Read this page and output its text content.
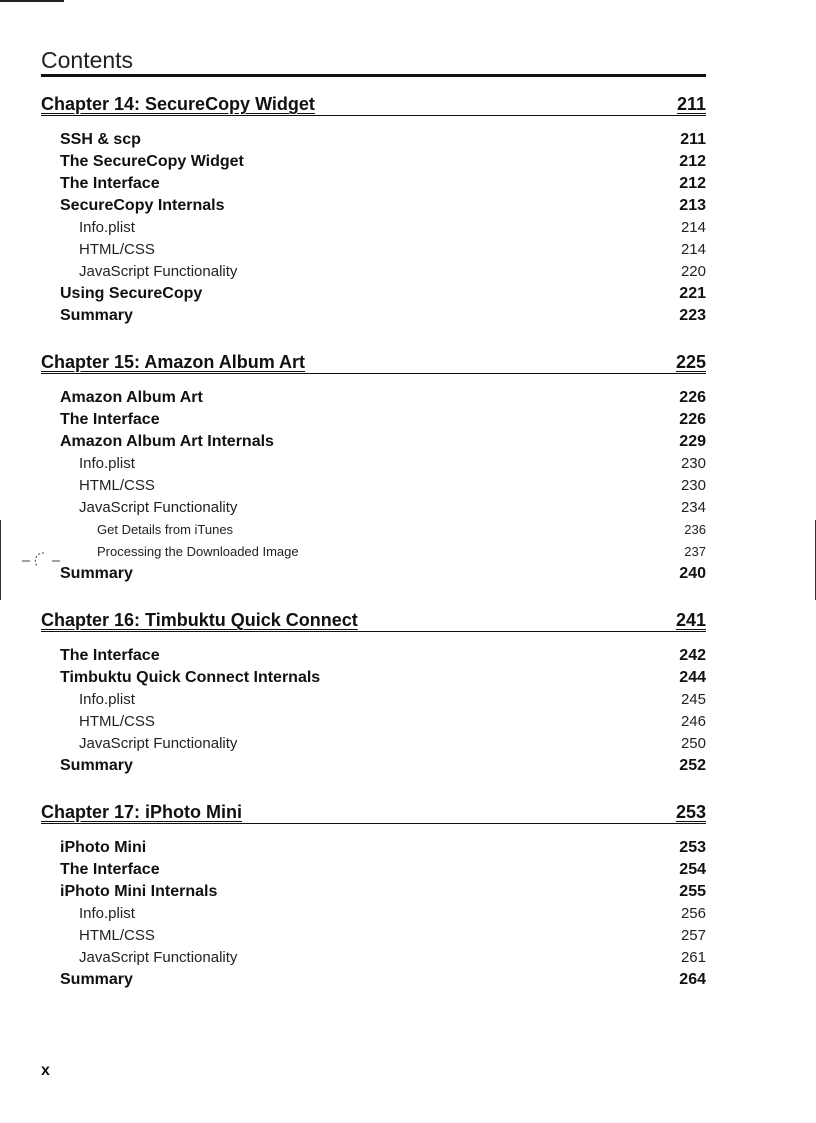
Contents
Chapter 14: SecureCopy Widget	211
SSH & scp	211
The SecureCopy Widget	212
The Interface	212
SecureCopy Internals	213
Info.plist	214
HTML/CSS	214
JavaScript Functionality	220
Using SecureCopy	221
Summary	223
Chapter 15: Amazon Album Art	225
Amazon Album Art	226
The Interface	226
Amazon Album Art Internals	229
Info.plist	230
HTML/CSS	230
JavaScript Functionality	234
Get Details from iTunes	236
Processing the Downloaded Image	237
Summary	240
Chapter 16: Timbuktu Quick Connect	241
The Interface	242
Timbuktu Quick Connect Internals	244
Info.plist	245
HTML/CSS	246
JavaScript Functionality	250
Summary	252
Chapter 17: iPhoto Mini	253
iPhoto Mini	253
The Interface	254
iPhoto Mini Internals	255
Info.plist	256
HTML/CSS	257
JavaScript Functionality	261
Summary	264
x
